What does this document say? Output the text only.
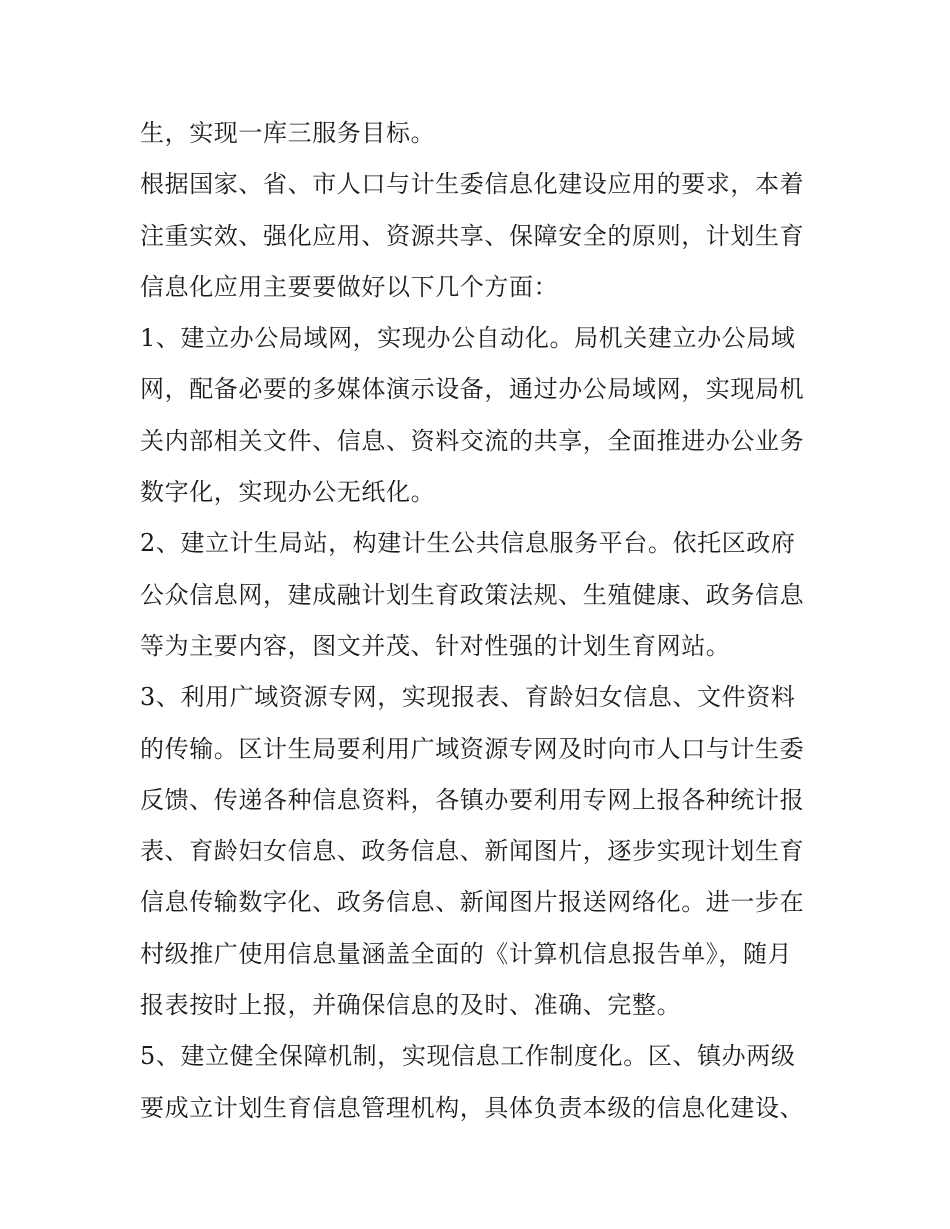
生，实现一库三服务目标。
根据国家、省、市人口与计生委信息化建设应用的要求，本着
注重实效、强化应用、资源共享、保障安全的原则，计划生育
信息化应用主要要做好以下几个方面：
1、建立办公局域网，实现办公自动化。局机关建立办公局域
网，配备必要的多媒体演示设备，通过办公局域网，实现局机
关内部相关文件、信息、资料交流的共享，全面推进办公业务
数字化，实现办公无纸化。
2、建立计生局站，构建计生公共信息服务平台。依托区政府
公众信息网，建成融计划生育政策法规、生殖健康、政务信息
等为主要内容，图文并茂、针对性强的计划生育网站。
3、利用广域资源专网，实现报表、育龄妇女信息、文件资料
的传输。区计生局要利用广域资源专网及时向市人口与计生委
反馈、传递各种信息资料，各镇办要利用专网上报各种统计报
表、育龄妇女信息、政务信息、新闻图片，逐步实现计划生育
信息传输数字化、政务信息、新闻图片报送网络化。进一步在
村级推广使用信息量涵盖全面的《计算机信息报告单》，随月
报表按时上报，并确保信息的及时、准确、完整。
5、建立健全保障机制，实现信息工作制度化。区、镇办两级
要成立计划生育信息管理机构，具体负责本级的信息化建设、
